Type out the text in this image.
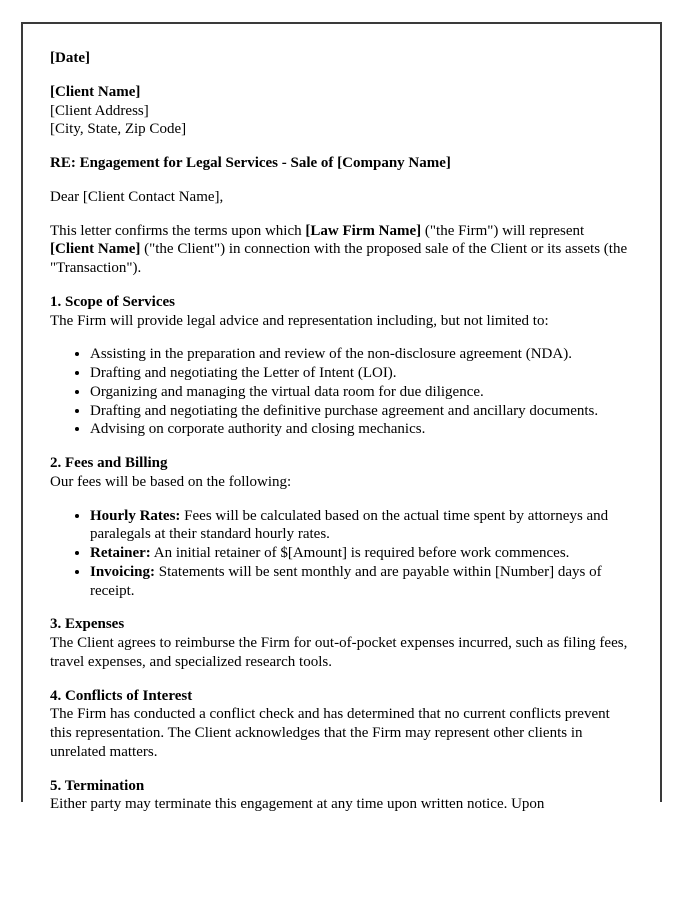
[Date]

[Client Name]
[Client Address]
[City, State, Zip Code]

RE: Engagement for Legal Services - Sale of [Company Name]

Dear [Client Contact Name],

This letter confirms the terms upon which [Law Firm Name] ("the Firm") will represent [Client Name] ("the Client") in connection with the proposed sale of the Client or its assets (the "Transaction").

1. Scope of Services
The Firm will provide legal advice and representation including, but not limited to:

• Assisting in the preparation and review of the non-disclosure agreement (NDA).
• Drafting and negotiating the Letter of Intent (LOI).
• Organizing and managing the virtual data room for due diligence.
• Drafting and negotiating the definitive purchase agreement and ancillary documents.
• Advising on corporate authority and closing mechanics.

2. Fees and Billing
Our fees will be based on the following:

• Hourly Rates: Fees will be calculated based on the actual time spent by attorneys and paralegals at their standard hourly rates.
• Retainer: An initial retainer of $[Amount] is required before work commences.
• Invoicing: Statements will be sent monthly and are payable within [Number] days of receipt.

3. Expenses
The Client agrees to reimburse the Firm for out-of-pocket expenses incurred, such as filing fees, travel expenses, and specialized research tools.

4. Conflicts of Interest
The Firm has conducted a conflict check and has determined that no current conflicts prevent this representation. The Client acknowledges that the Firm may represent other clients in unrelated matters.

5. Termination
Either party may terminate this engagement at any time upon written notice. Upon
